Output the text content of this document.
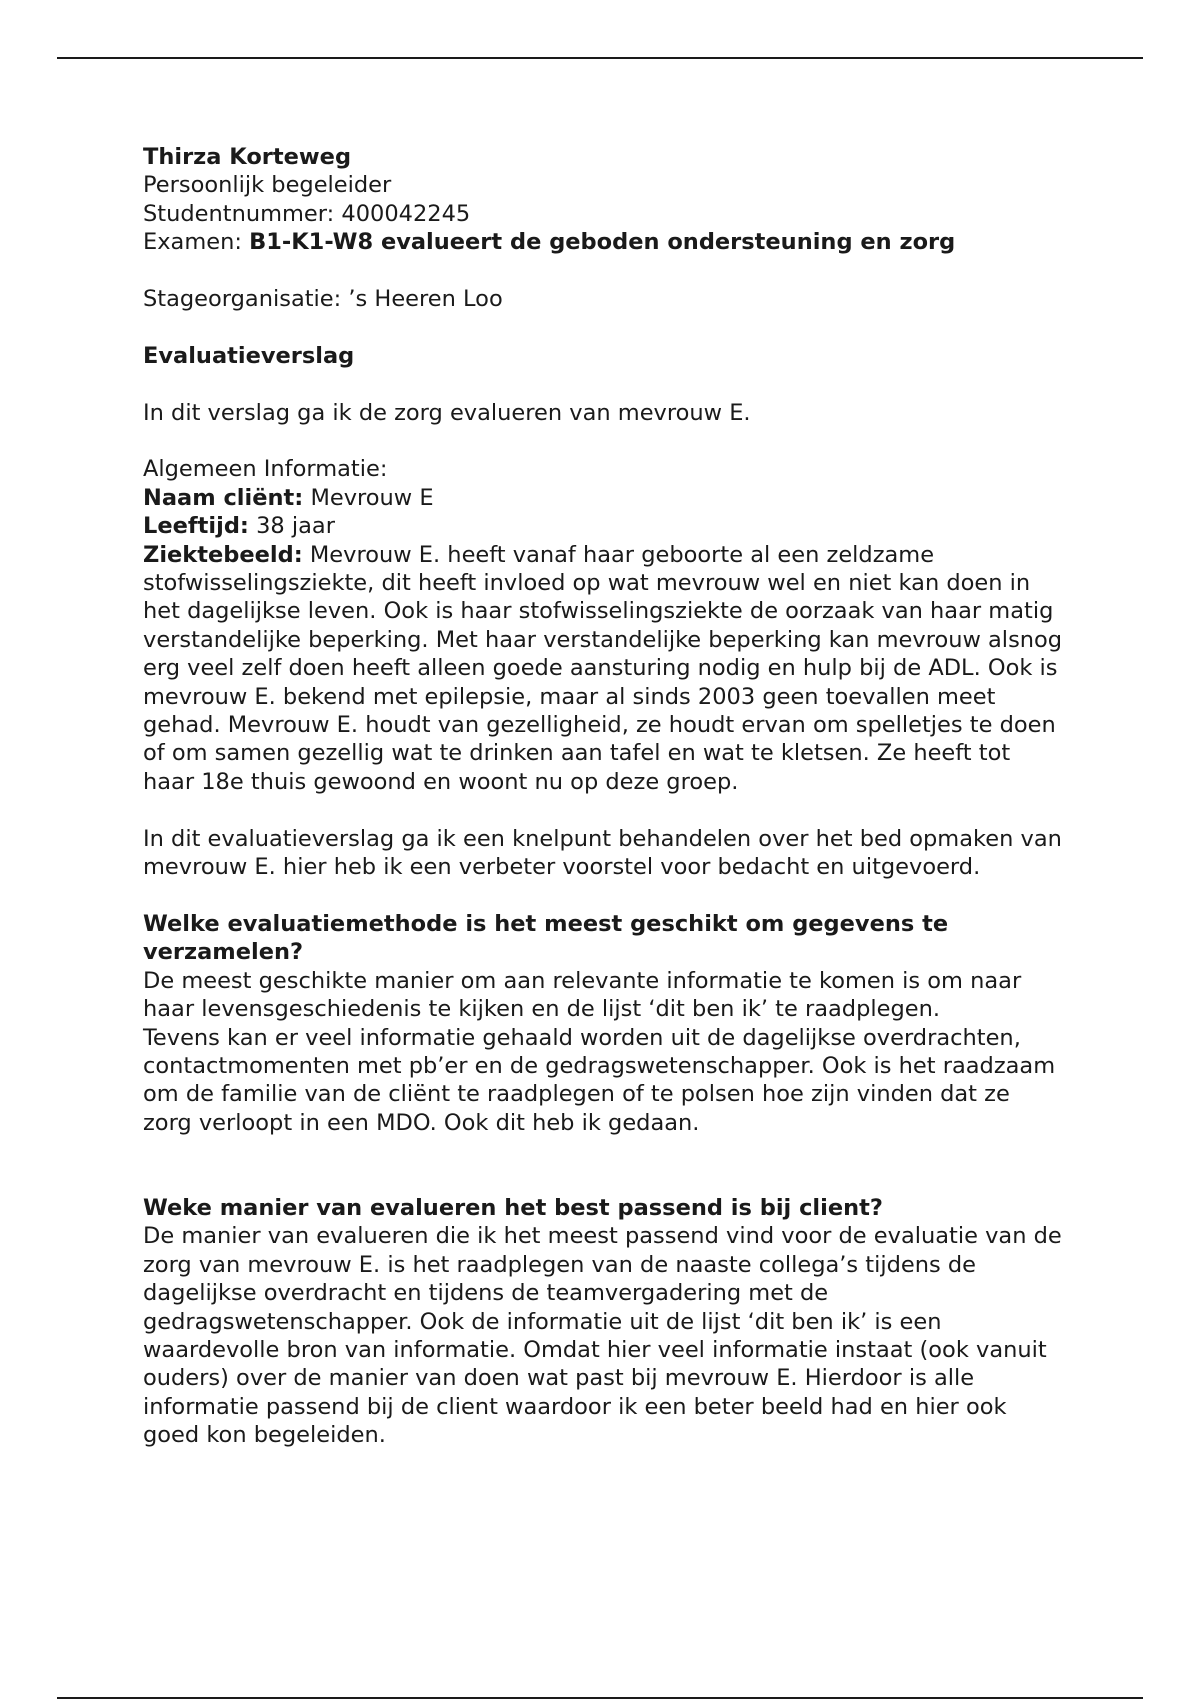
Thirza Korteweg

Persoonlijk begeleider

Studentnummer: 400042245

Examen: B1-K1-W8 evalueert de geboden ondersteuning en zorg

Stageorganisatie: ’s Heeren Loo

Evaluatieverslag

In dit verslag ga ik de zorg evalueren van mevrouw E.

Algemeen Informatie:

Naam cliënt: Mevrouw E

Leeftijd: 38 jaar

Ziektebeeld: Mevrouw E. heeft vanaf haar geboorte al een zeldzame stofwisselingsziekte, dit heeft invloed op wat mevrouw wel en niet kan doen in het dagelijkse leven. Ook is haar stofwisselingsziekte de oorzaak van haar matig verstandelijke beperking. Met haar verstandelijke beperking kan mevrouw alsnog erg veel zelf doen heeft alleen goede aansturing nodig en hulp bij de ADL. Ook is mevrouw E. bekend met epilepsie, maar al sinds 2003 geen toevallen meet gehad. Mevrouw E. houdt van gezelligheid, ze houdt ervan om spelletjes te doen of om samen gezellig wat te drinken aan tafel en wat te kletsen. Ze heeft tot haar 18e thuis gewoond en woont nu op deze groep.

In dit evaluatieverslag ga ik een knelpunt behandelen over het bed opmaken van mevrouw E. hier heb ik een verbeter voorstel voor bedacht en uitgevoerd.

Welke evaluatiemethode is het meest geschikt om gegevens te verzamelen?

De meest geschikte manier om aan relevante informatie te komen is om naar haar levensgeschiedenis te kijken en de lijst ‘dit ben ik’ te raadplegen.

Tevens kan er veel informatie gehaald worden uit de dagelijkse overdrachten, contactmomenten met pb’er en de gedragswetenschapper. Ook is het raadzaam om de familie van de cliënt te raadplegen of te polsen hoe zijn vinden dat ze zorg verloopt in een MDO. Ook dit heb ik gedaan.

Weke manier van evalueren het best passend is bij client?

De manier van evalueren die ik het meest passend vind voor de evaluatie van de zorg van mevrouw E. is het raadplegen van de naaste collega’s tijdens de dagelijkse overdracht en tijdens de teamvergadering met de gedragswetenschapper. Ook de informatie uit de lijst ‘dit ben ik’ is een waardevolle bron van informatie. Omdat hier veel informatie instaat (ook vanuit ouders) over de manier van doen wat past bij mevrouw E. Hierdoor is alle informatie passend bij de client waardoor ik een beter beeld had en hier ook goed kon begeleiden.
